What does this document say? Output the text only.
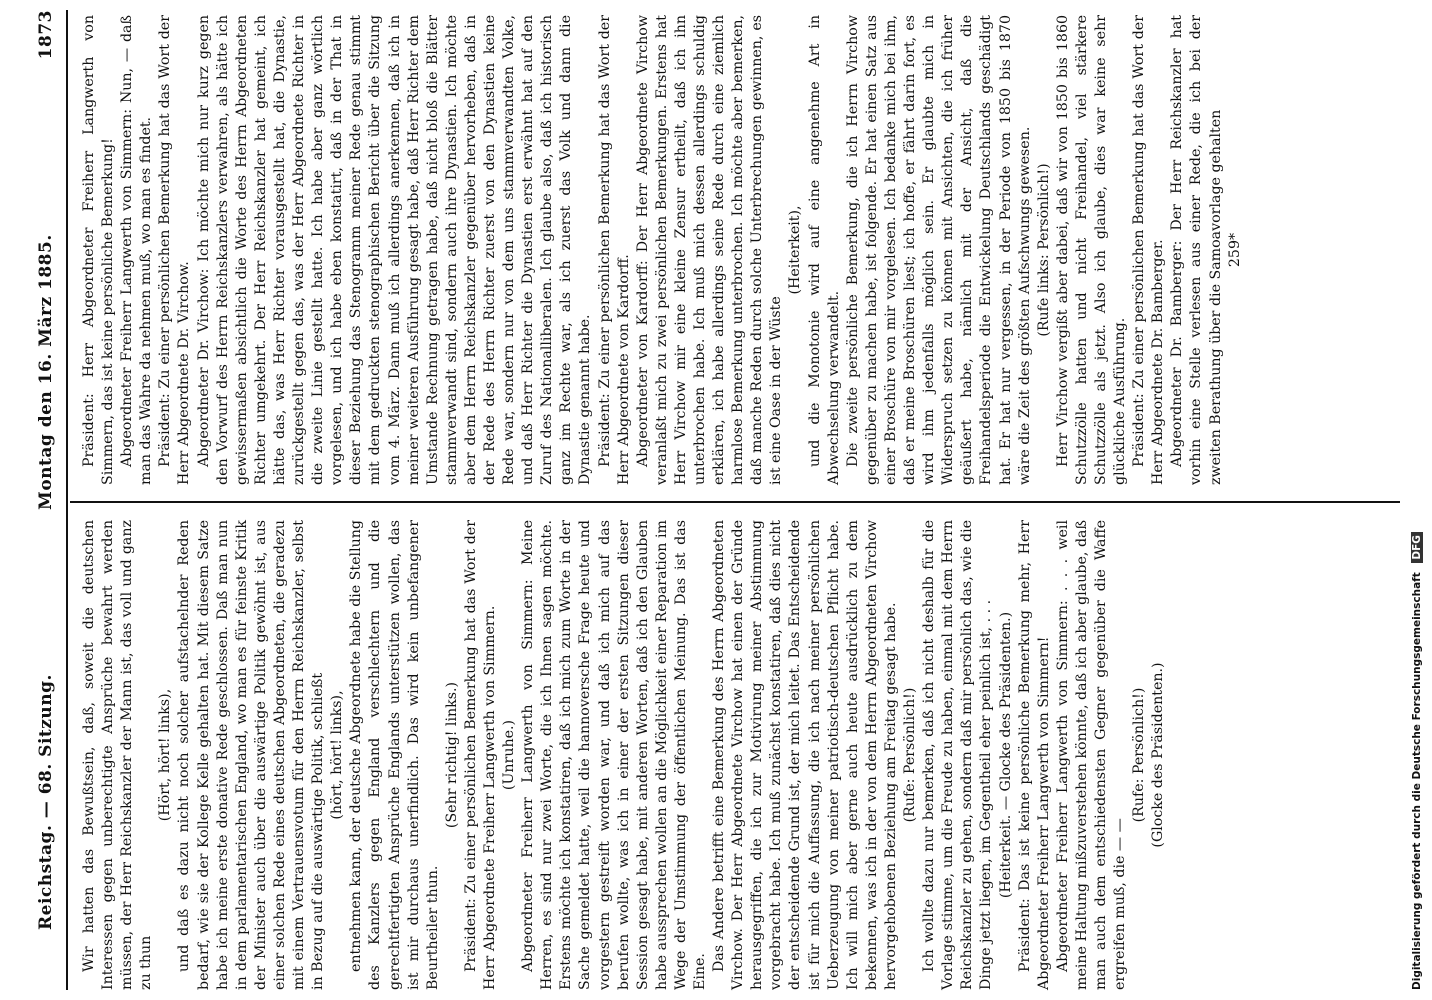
Reichstag. — 68. Sitzung.
Montag den 16. März 1885.
1873

Wir hatten das Bewußtsein, daß, soweit die deutschen Interessen gegen unberechtigte Ansprüche bewahrt werden müssen, der Herr Reichskanzler der Mann ist, das voll und ganz zu thun

(Hört, hört! links), und daß es dazu nicht noch solcher aufstachelnder Reden bedarf, wie sie der Kollege Kelle gehalten hat. Mit diesem Satze habe ich meine erste donative Rede geschlossen. Daß man nun in dem parlamentarischen England, wo man es für feinste Kritik der Minister auch über die auswärtige Politik gewöhnt ist, aus einer solchen Rede eines deutschen Abgeordneten, die geradezu mit einem Vertrauensvotum für den Herrn Reichskanzler, selbst in Bezug auf die auswärtige Politik, schließt (hört, hört! links), entnehmen kann, der deutsche Abgeordnete habe die Stellung des Kanzlers gegen England verschlechtern und die gerechtfertigten Ansprüche Englands unterstützen wollen, das ist mir durchaus unerfindlich. Das wird kein unbefangener Beurtheiler thun.

(Sehr richtig! links.) Präsident: Zu einer persönlichen Bemerkung hat das Wort der Herr Abgeordnete Freiherr Langwerth von Simmern. (Unruhe.) Abgeordneter Freiherr Langwerth von Simmern: Meine Herren, es sind nur zwei Worte, die ich Ihnen sagen möchte. Erstens möchte ich konstatiren, daß ich mich zum Worte in der Sache gemeldet hatte, weil die hannoversche Frage heute und vorgestern gestreift worden war, und daß ich mich auf das berufen wollte, was ich in einer der ersten Sitzungen dieser Session gesagt habe, mit anderen Worten, daß ich den Glauben habe aussprechen wollen an die Möglichkeit einer Reparation im Wege der Umstimmung der öffentlichen Meinung. Das ist das Eine. Das Andere betrifft eine Bemerkung des Herrn Abgeordneten Virchow. Der Herr Abgeordnete Virchow hat einen der Gründe herausgegriffen, die ich zur Motivirung meiner Abstimmung vorgebracht habe. Ich muß zunächst konstatiren, daß dies nicht der entscheidende Grund ist, der mich leitet. Das Entscheidende ist für mich die Auffassung, die ich nach meiner persönlichen Ueberzeugung von meiner patriotisch-deutschen Pflicht habe. Ich will mich aber gerne auch heute ausdrücklich zu dem bekennen, was ich in der von dem Herrn Abgeordneten Virchow hervorgehobenen Beziehung am Freitag gesagt habe. (Rufe: Persönlich!) Ich wollte dazu nur bemerken, daß ich nicht deshalb für die Vorlage stimme, um die Freude zu haben, einmal mit dem Herrn Reichskanzler zu gehen, sondern daß mir persönlich das, wie die Dinge jetzt liegen, im Gegentheil eher peinlich ist, . . . (Heiterkeit. — Glocke des Präsidenten.) Präsident: Das ist keine persönliche Bemerkung mehr, Herr Abgeordneter Freiherr Langwerth von Simmern! Abgeordneter Freiherr Langwerth von Simmern: . . . weil meine Haltung mißzuverstehen könnte, daß ich aber glaube, daß man auch dem entschiedensten Gegner gegenüber die Waffe ergreifen muß, die — —

(Rufe: Persönlich!) (Glocke des Präsidenten.)

Präsident: Herr Abgeordneter Freiherr Langwerth von Simmern, das ist keine persönliche Bemerkung! Abgeordneter Freiherr Langwerth von Simmern: Nun, — daß man das Wahre da nehmen muß, wo man es findet. Präsident: Zu einer persönlichen Bemerkung hat das Wort der Herr Abgeordnete Dr. Virchow. Abgeordneter Dr. Virchow: Ich möchte mich nur kurz gegen den Vorwurf des Herrn Reichskanzlers verwahren, als hätte ich gewissermaßen absichtlich die Worte des Herrn Abgeordneten Richter umgekehrt. Der Herr Reichskanzler hat gemeint, ich hätte das, was Herr Richter vorausgestellt hat, die Dynastie, zurückgestellt gegen das, was der Herr Abgeordnete Richter in die zweite Linie gestellt hatte. Ich habe aber ganz wörtlich vorgelesen, und ich habe eben konstatirt, daß in der That in dieser Beziehung das Stenogramm meiner Rede genau stimmt mit dem gedruckten stenographischen Bericht über die Sitzung vom 4. März. Dann muß ich allerdings anerkennen, daß ich in meiner weiteren Ausführung gesagt habe, daß Herr Richter dem Umstande Rechnung getragen habe, daß nicht bloß die Blätter stammverwandt sind, sondern auch ihre Dynastien. Ich möchte aber dem Herrn Reichskanzler gegenüber hervorheben, daß in der Rede des Herrn Richter zuerst von den Dynastien keine Rede war, sondern nur von dem uns stammverwandten Volke, und daß Herr Richter die Dynastien erst erwähnt hat auf den Zuruf des Nationalliberalen. Ich glaube also, daß ich historisch ganz im Rechte war, als ich zuerst das Volk und dann die Dynastie genannt habe. Präsident: Zu einer persönlichen Bemerkung hat das Wort der Herr Abgeordnete von Kardorff. Abgeordneter von Kardorff: Der Herr Abgeordnete Virchow veranlaßt mich zu zwei persönlichen Bemerkungen. Erstens hat Herr Virchow mir eine kleine Zensur ertheilt, daß ich ihn unterbrochen habe. Ich muß mich dessen allerdings schuldig erklären, ich habe allerdings seine Rede durch eine ziemlich harmlose Bemerkung unterbrochen. Ich möchte aber bemerken, daß manche Reden durch solche Unterbrechungen gewinnen, es ist eine Oase in der Wüste

(Heiterkeit), und die Monotonie wird auf eine angenehme Art in Abwechselung verwandelt. Die zweite persönliche Bemerkung, die ich Herrn Virchow gegenüber zu machen habe, ist folgende. Er hat einen Satz aus einer Broschüre von mir vorgelesen. Ich bedanke mich bei ihm, daß er meine Broschüren liest; ich hoffe, er fährt darin fort, es wird ihm jedenfalls möglich sein. Er glaubte mich in Widerspruch setzen zu können mit Ansichten, die ich früher geäußert habe, nämlich mit der Ansicht, daß die Freihandelsperiode die Entwickelung Deutschlands geschädigt hat. Er hat nur vergessen, in der Periode von 1850 bis 1870 wäre die Zeit des größten Aufschwungs gewesen. (Rufe links: Persönlich!) Herr Virchow vergißt aber dabei, daß wir von 1850 bis 1860 Schutzzölle hatten und nicht Freihandel, viel stärkere Schutzzölle als jetzt. Also ich glaube, dies war keine sehr glückliche Ausführung. Präsident: Zu einer persönlichen Bemerkung hat das Wort der Herr Abgeordnete Dr. Bamberger. Abgeordneter Dr. Bamberger: Der Herr Reichskanzler hat vorhin eine Stelle verlesen aus einer Rede, die ich bei der zweiten Berathung über die Samoavorlage gehalten 259*

Digitalisierung gefördert durch die Deutsche Forschungsgemeinschaft DFG
